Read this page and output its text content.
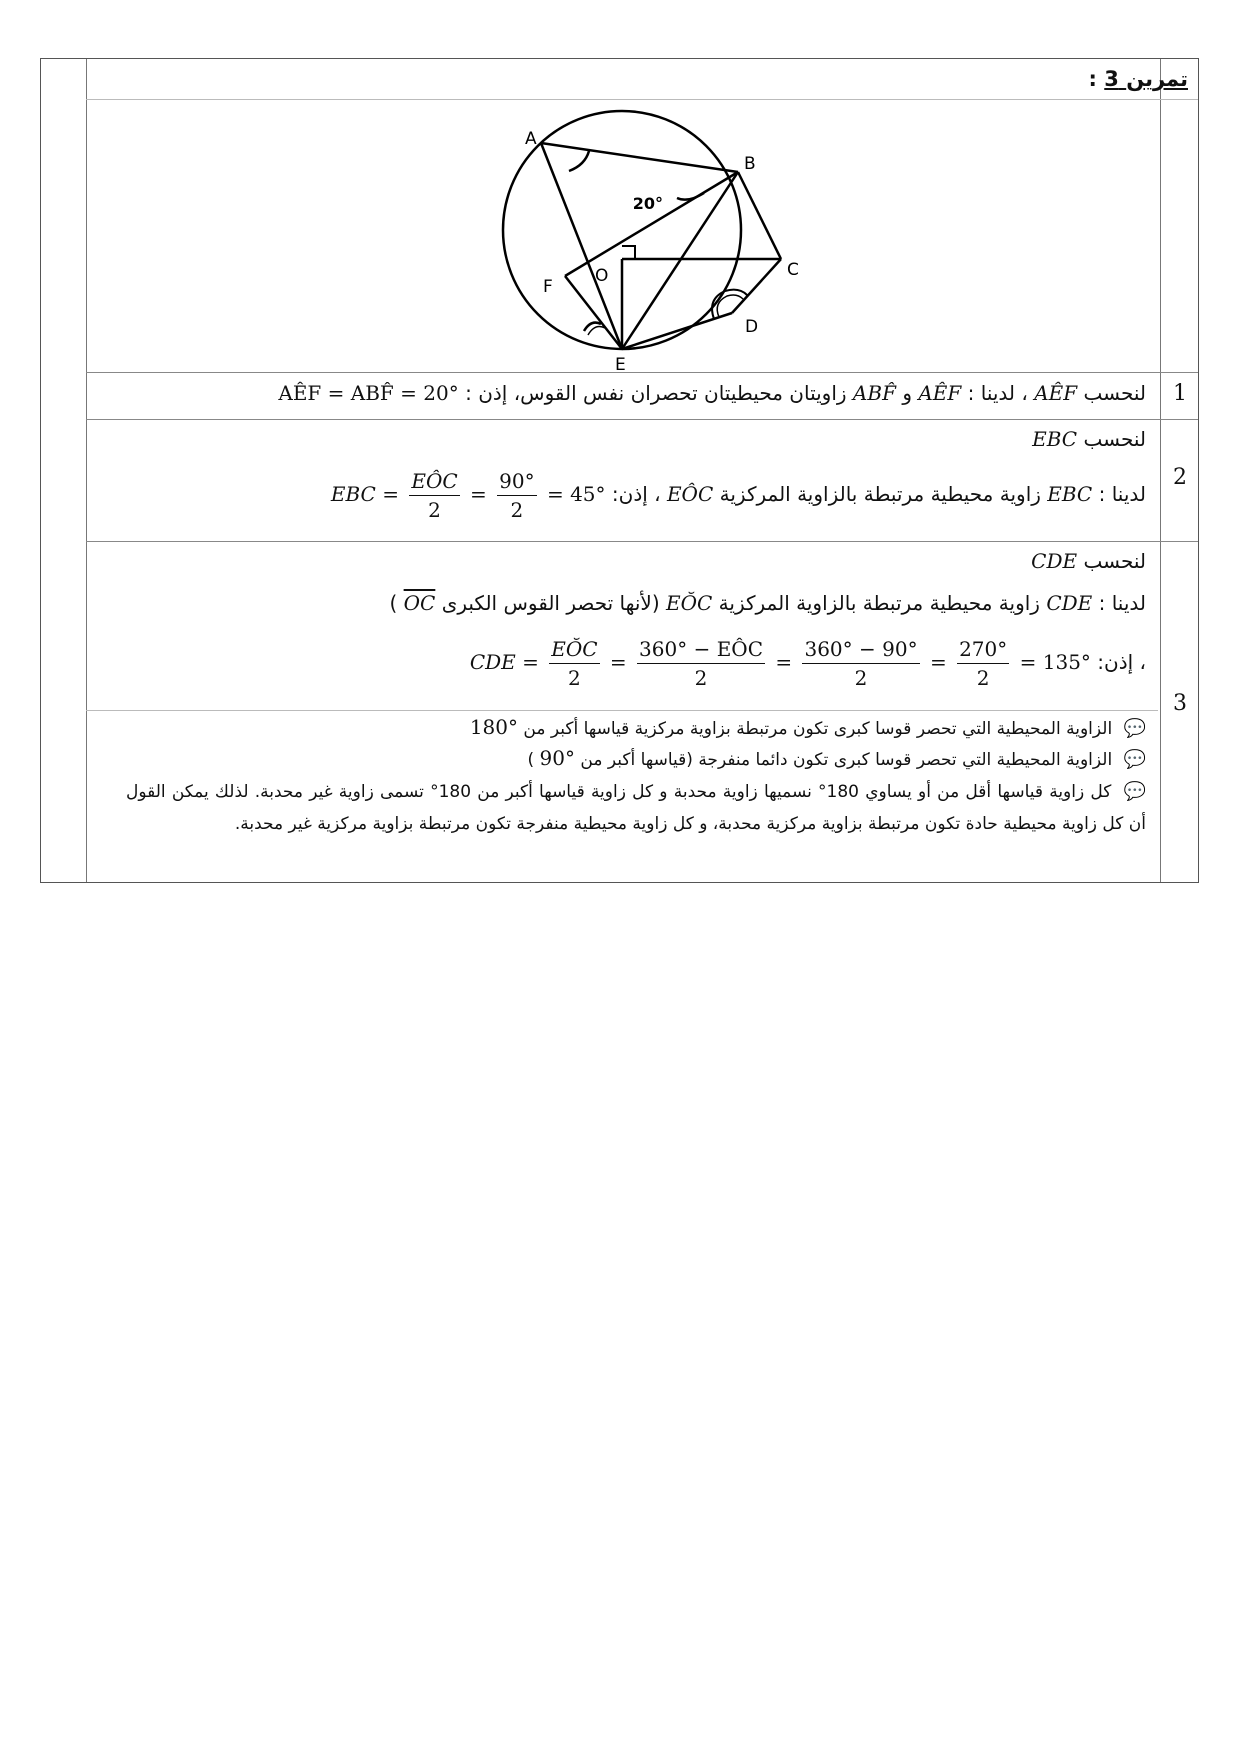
تمرين 3 :
A
B
C
D
E
F
O
20°
1
2
3
لنحسب AÊF ، لدينا : AÊF و ABF̂ زاويتان محيطيتان تحصران نفس القوس، إذن : AÊF = ABF̂ = 20°
لنحسب EBC
لدينا : EBC زاوية محيطية مرتبطة بالزاوية المركزية EÔC ، إذن: EBC = $\frac{\text{EÔC}}{2} = \frac{90^\circ}{2} = 45^\circ$
لنحسب CDE
لدينا : CDE زاوية محيطية مرتبطة بالزاوية المركزية EŎC (لأنها تحصر القوس الكبرى $\overline{OC}$ )
، إذن: CDE = $\frac{\text{EŎC}}{2} = \frac{\text{360° − EÔC}}{2} = \frac{360^\circ - 90^\circ}{2} = \frac{270^\circ}{2} = 135^\circ$
💬 الزاوية المحيطية التي تحصر قوسا كبرى تكون مرتبطة بزاوية مركزية قياسها أكبر من 180°
💬 الزاوية المحيطية التي تحصر قوسا كبرى تكون دائما منفرجة (قياسها أكبر من 90° )
💬 كل زاوية قياسها أقل من أو يساوي 180° نسميها زاوية محدبة و كل زاوية قياسها أكبر من 180° تسمى زاوية غير محدبة. لذلك يمكن القول أن كل زاوية محيطية حادة تكون مرتبطة بزاوية مركزية محدبة، و كل زاوية محيطية منفرجة تكون مرتبطة بزاوية مركزية غير محدبة.
